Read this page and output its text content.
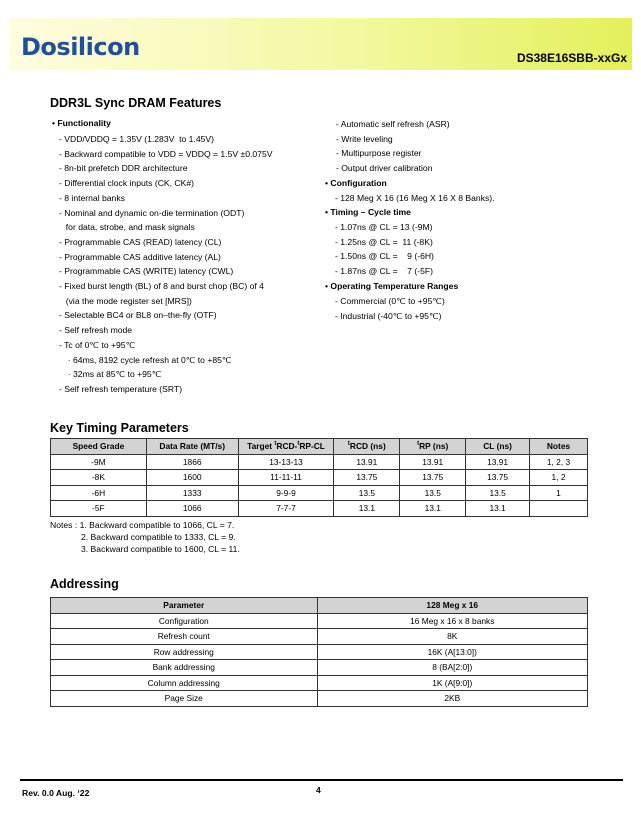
Dosilicon	DS38E16SBB-xxGx
DDR3L Sync DRAM Features
• Functionality
- VDD/VDDQ = 1.35V (1.283V  to 1.45V)
- Backward compatible to VDD = VDDQ = 1.5V ±0.075V
- 8n-bit prefetch DDR architecture
- Differential clock inputs (CK, CK#)
- 8 internal banks
- Nominal and dynamic on-die termination (ODT)
for data, strobe, and mask signals
- Programmable CAS (READ) latency (CL)
- Programmable CAS additive latency (AL)
- Programmable CAS (WRITE) latency (CWL)
- Fixed burst length (BL) of 8 and burst chop (BC) of 4
(via the mode register set [MRS])
- Selectable BC4 or BL8 on–the-fly (OTF)
- Self refresh mode
- Tc of 0℃ to +95℃
· 64ms, 8192 cycle refresh at 0℃ to +85℃
· 32ms at 85℃ to +95℃
- Self refresh temperature (SRT)
- Automatic self refresh (ASR)
- Write leveling
- Multipurpose register
- Output driver calibration
• Configuration
- 128 Meg X 16 (16 Meg X 16 X 8 Banks).
• Timing – Cycle time
- 1.07ns @ CL = 13 (-9M)
- 1.25ns @ CL =  11 (-8K)
- 1.50ns @ CL =    9 (-6H)
- 1.87ns @ CL =    7 (-5F)
• Operating Temperature Ranges
- Commercial (0℃ to +95℃)
- Industrial (-40℃ to +95℃)
Key Timing Parameters
Speed Grade	Data Rate (MT/s)	Target $^t$RCD-$^t$RP-CL	$^t$RCD (ns)	$^t$RP (ns)	CL (ns)	Notes
-9M	1866	13-13-13	13.91	13.91	13.91	1, 2, 3
-8K	1600	11-11-11	13.75	13.75	13.75	1, 2
-6H	1333	9-9-9	13.5	13.5	13.5	1
-5F	1066	7-7-7	13.1	13.1	13.1	
Notes : 1. Backward compatible to 1066, CL = 7.
2. Backward compatible to 1333, CL = 9.
3. Backward compatible to 1600, CL = 11.
Addressing
Parameter	128 Meg x 16
Configuration	16 Meg x 16 x 8 banks
Refresh count	8K
Row addressing	16K (A[13:0])
Bank addressing	8 (BA[2:0])
Column addressing	1K (A[9:0])
Page Size	2KB
Rev. 0.0 Aug. ‘22	4
